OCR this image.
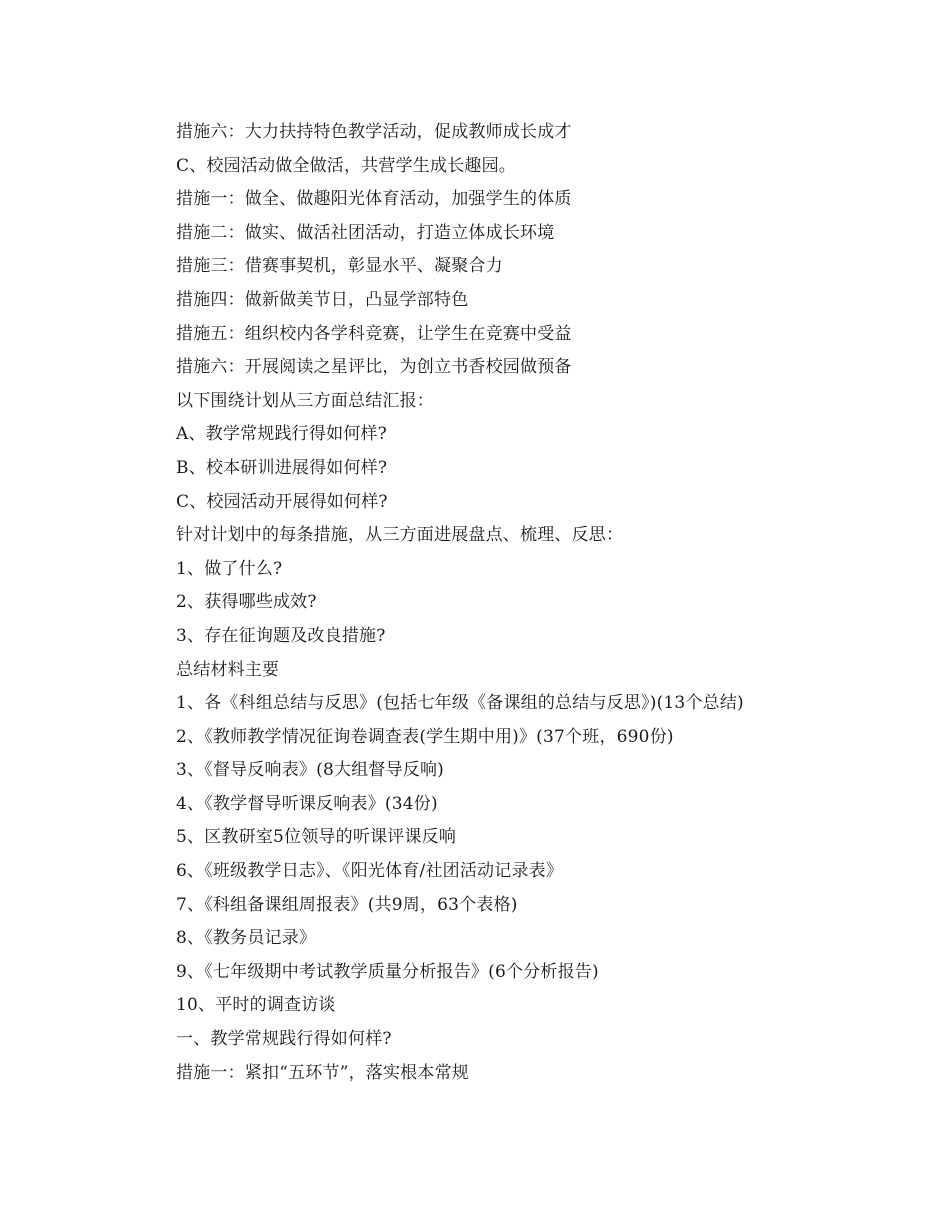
措施六：大力扶持特色教学活动，促成教师成长成才
C、校园活动做全做活，共营学生成长趣园。
措施一：做全、做趣阳光体育活动，加强学生的体质
措施二：做实、做活社团活动，打造立体成长环境
措施三：借赛事契机，彰显水平、凝聚合力
措施四：做新做美节日，凸显学部特色
措施五：组织校内各学科竞赛，让学生在竞赛中受益
措施六：开展阅读之星评比，为创立书香校园做预备
以下围绕计划从三方面总结汇报：
A、教学常规践行得如何样?
B、校本研训进展得如何样?
C、校园活动开展得如何样?
针对计划中的每条措施，从三方面进展盘点、梳理、反思：
1、做了什么?
2、获得哪些成效?
3、存在征询题及改良措施?
总结材料主要
1、各《科组总结与反思》(包括七年级《备课组的总结与反思》)(13个总结)
2、《教师教学情况征询卷调查表(学生期中用)》(37个班，690份)
3、《督导反响表》(8大组督导反响)
4、《教学督导听课反响表》(34份)
5、区教研室5位领导的听课评课反响
6、《班级教学日志》、《阳光体育/社团活动记录表》
7、《科组备课组周报表》(共9周，63个表格)
8、《教务员记录》
9、《七年级期中考试教学质量分析报告》(6个分析报告)
10、平时的调查访谈
一、教学常规践行得如何样?
措施一：紧扣“五环节”，落实根本常规
